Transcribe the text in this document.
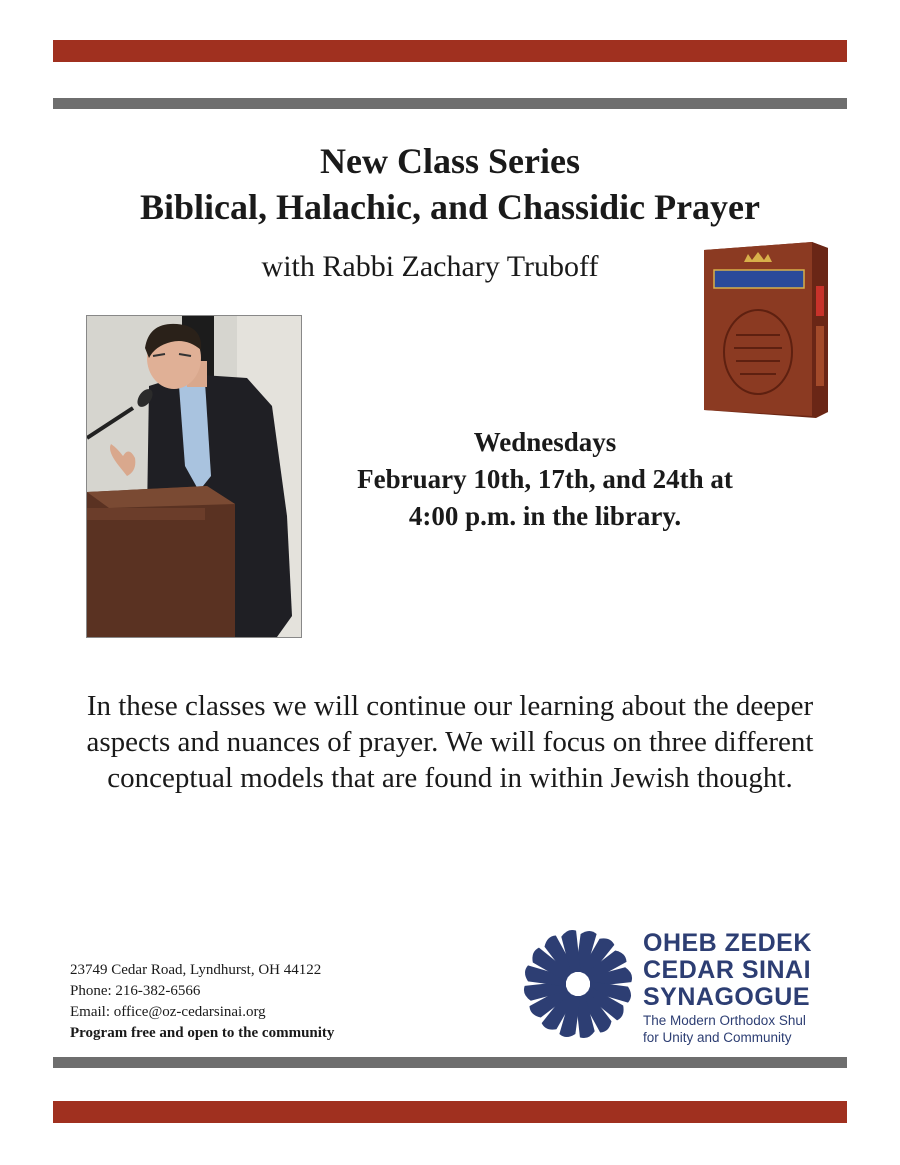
New Class Series
Biblical, Halachic, and Chassidic Prayer
with Rabbi Zachary Truboff
Wednesdays
February 10th, 17th, and 24th at
4:00 p.m. in the library.
In these classes we will continue our learning about the deeper aspects and nuances of prayer. We will focus on three different conceptual models that are found in within Jewish thought.
23749 Cedar Road, Lyndhurst, OH 44122
Phone: 216-382-6566
Email: office@oz-cedarsinai.org
Program free and open to the community
OHEB ZEDEK
CEDAR SINAI
SYNAGOGUE
The Modern Orthodox Shul
for Unity and Community
